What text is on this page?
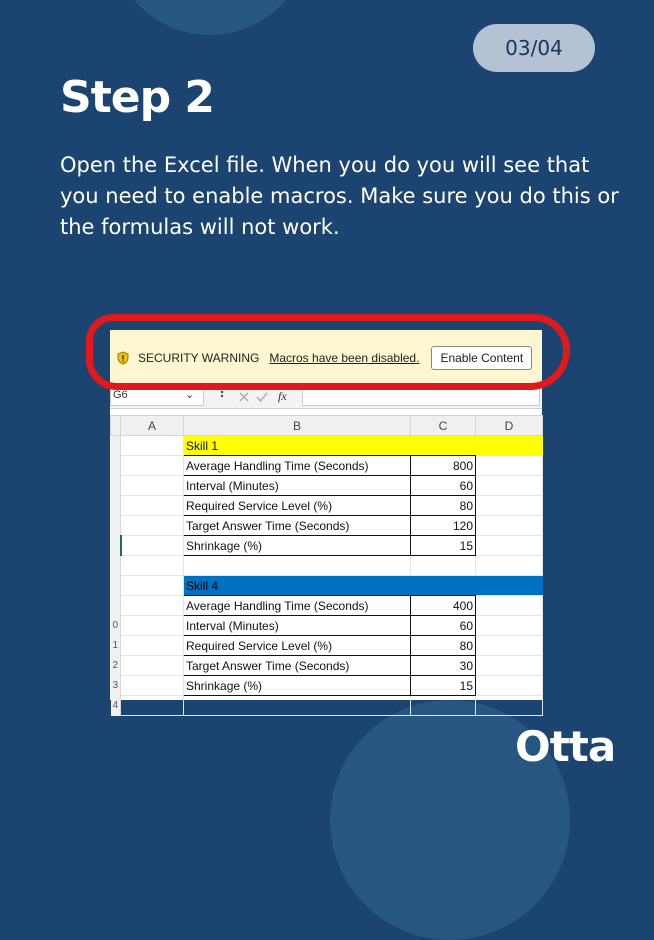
03/04
Step 2

Open the Excel file. When you do you will see that you need to enable macros. Make sure you do this or the formulas will not work.

SECURITY WARNING Macros have been disabled.	Enable Content
G6	⌄	fx
	A	B	C	D
		Skill 1		
		Average Handling Time (Seconds)	800	
		Interval (Minutes)	60	
		Required Service Level (%)	80	
		Target Answer Time (Seconds)	120	
		Shrinkage (%)	15	

		Skill 4		
		Average Handling Time (Seconds)	400	
0		Interval (Minutes)	60	
1		Required Service Level (%)	80	
2		Target Answer Time (Seconds)	30	
3		Shrinkage (%)	15	
4				
Otta
